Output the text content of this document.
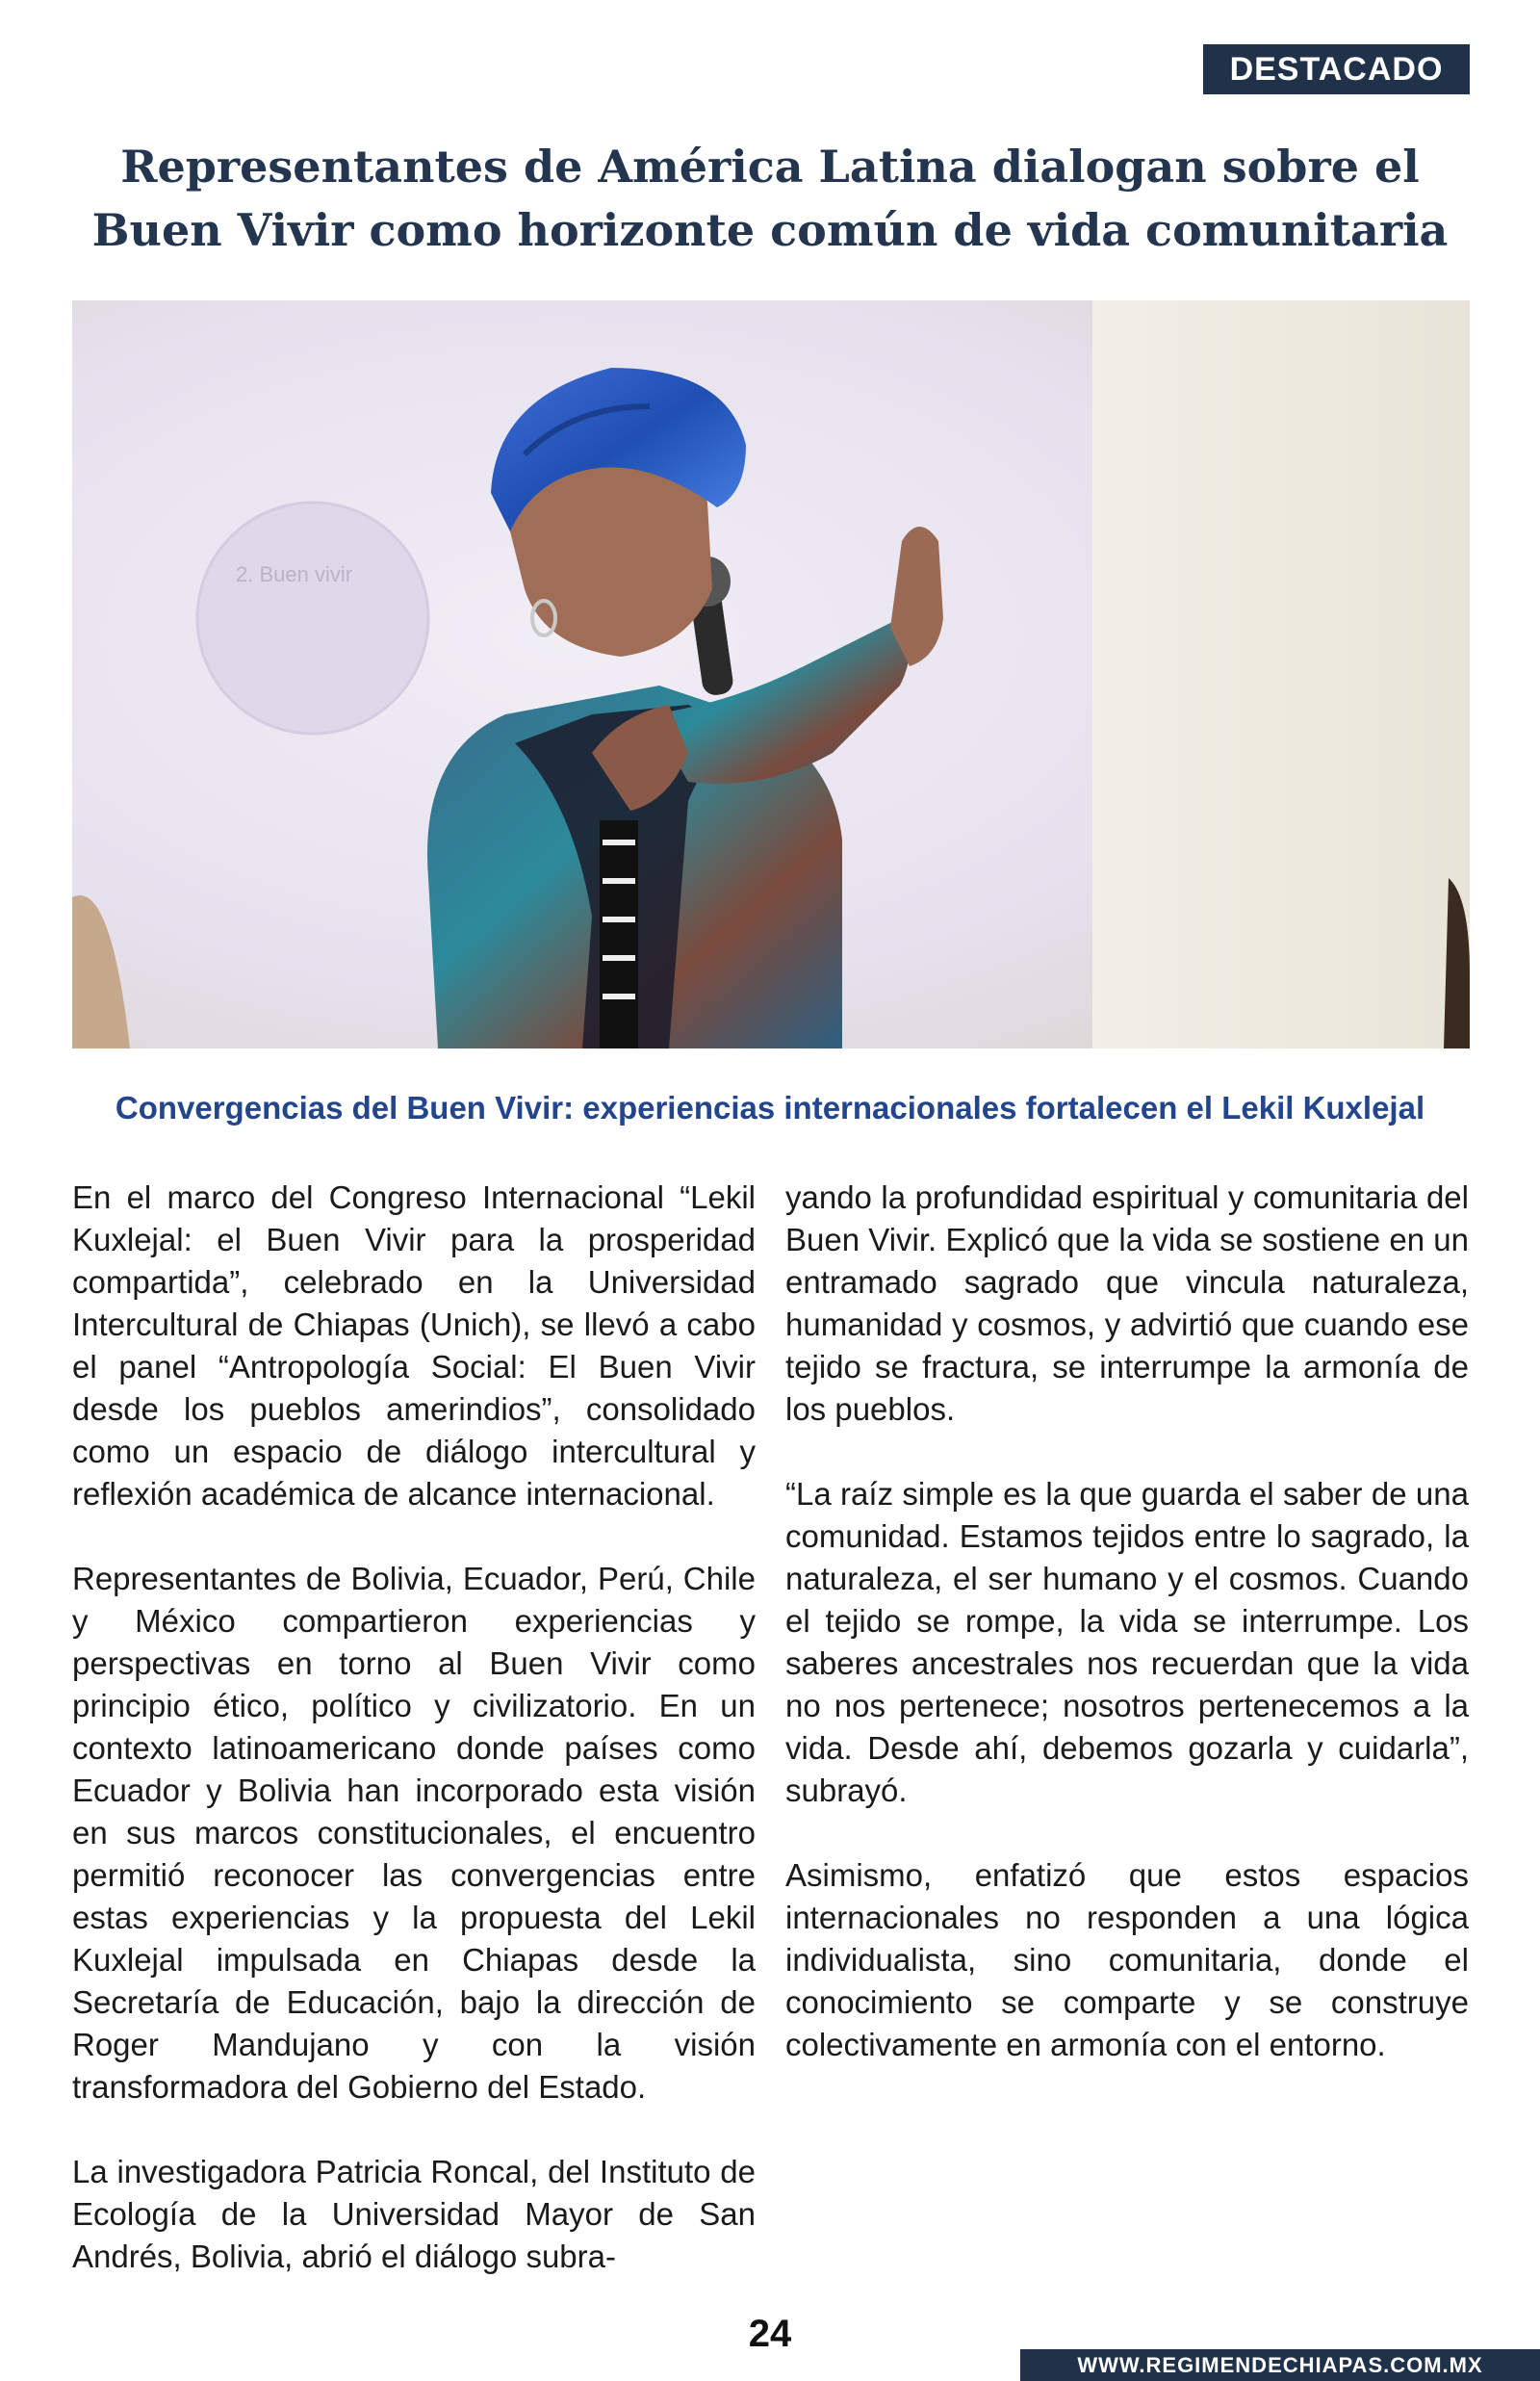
DESTACADO
Representantes de América Latina dialogan sobre el Buen Vivir como horizonte común de vida comunitaria
2. Buen vivir
Convergencias del Buen Vivir: experiencias internacionales fortalecen el Lekil Kuxlejal

En el marco del Congreso Internacional “Lekil Kuxlejal: el Buen Vivir para la prosperidad compartida”, celebrado en la Universidad Intercultural de Chiapas (Unich), se llevó a cabo el panel “Antropología Social: El Buen Vivir desde los pueblos amerindios”, consolidado como un espacio de diálogo intercultural y reflexión académica de alcance internacional.

Representantes de Bolivia, Ecuador, Perú, Chile y México compartieron experiencias y perspectivas en torno al Buen Vivir como principio ético, político y civilizatorio. En un contexto latinoamericano donde países como Ecuador y Bolivia han incorporado esta visión en sus marcos constitucionales, el encuentro permitió reconocer las convergencias entre estas experiencias y la propuesta del Lekil Kuxlejal impulsada en Chiapas desde la Secretaría de Educación, bajo la dirección de Roger Mandujano y con la visión transformadora del Gobierno del Estado.

La investigadora Patricia Roncal, del Instituto de Ecología de la Universidad Mayor de San Andrés, Bolivia, abrió el diálogo subra-

yando la profundidad espiritual y comunitaria del Buen Vivir. Explicó que la vida se sostiene en un entramado sagrado que vincula naturaleza, humanidad y cosmos, y advirtió que cuando ese tejido se fractura, se interrumpe la armonía de los pueblos.

“La raíz simple es la que guarda el saber de una comunidad. Estamos tejidos entre lo sagrado, la naturaleza, el ser humano y el cosmos. Cuando el tejido se rompe, la vida se interrumpe. Los saberes ancestrales nos recuerdan que la vida no nos pertenece; nosotros pertenecemos a la vida. Desde ahí, debemos gozarla y cuidarla”, subrayó.

Asimismo, enfatizó que estos espacios internacionales no responden a una lógica individualista, sino comunitaria, donde el conocimiento se comparte y se construye colectivamente en armonía con el entorno.

24
WWW.REGIMENDECHIAPAS.COM.MX
